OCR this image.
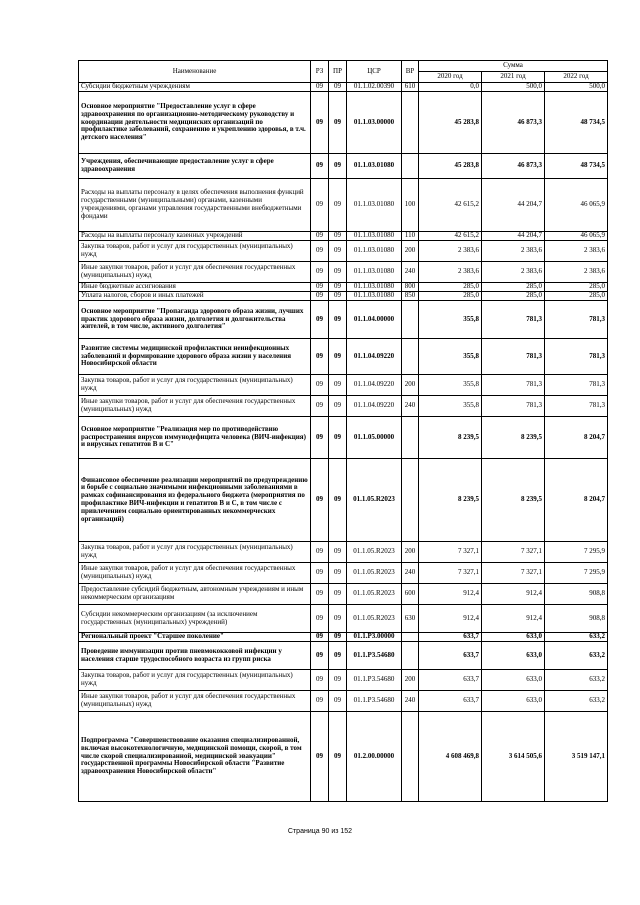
Наименование	РЗ	ПР	ЦСР	ВР	Сумма		
					2020 год	2021 год	2022 год
Субсидии бюджетным учреждениям	09	09	01.1.02.00390	610	0,0	500,0	500,0
Основное мероприятие "Предоставление услуг в сфере здравоохранения по организационно-методическому руководству и координации деятельности медицинских организаций по профилактике заболеваний, сохранению и укреплению здоровья, в т.ч. детского населения"	09	09	01.1.03.00000		45 283,8	46 873,3	48 734,5
Учреждения, обеспечивающие предоставление услуг в сфере здравоохранения	09	09	01.1.03.01080		45 283,8	46 873,3	48 734,5
Расходы на выплаты персоналу в целях обеспечения выполнения функций государственными (муниципальными) органами, казенными учреждениями, органами управления государственными внебюджетными фондами	09	09	01.1.03.01080	100	42 615,2	44 204,7	46 065,9
Расходы на выплаты персоналу казенных учреждений	09	09	01.1.03.01080	110	42 615,2	44 204,7	46 065,9
Закупка товаров, работ и услуг для государственных (муниципальных) нужд	09	09	01.1.03.01080	200	2 383,6	2 383,6	2 383,6
Иные закупки товаров, работ и услуг для обеспечения государственных (муниципальных) нужд	09	09	01.1.03.01080	240	2 383,6	2 383,6	2 383,6
Иные бюджетные ассигнования	09	09	01.1.03.01080	800	285,0	285,0	285,0
Уплата налогов, сборов и иных платежей	09	09	01.1.03.01080	850	285,0	285,0	285,0
Основное мероприятие "Пропаганда здорового образа жизни, лучших практик здорового образа жизни, долголетия и долгожительства жителей, в том числе, активного долголетия"	09	09	01.1.04.00000		355,8	781,3	781,3
Развитие системы медицинской профилактики неинфекционных заболеваний и формирование здорового образа жизни у населения Новосибирской области	09	09	01.1.04.09220		355,8	781,3	781,3
Закупка товаров, работ и услуг для государственных (муниципальных) нужд	09	09	01.1.04.09220	200	355,8	781,3	781,3
Иные закупки товаров, работ и услуг для обеспечения государственных (муниципальных) нужд	09	09	01.1.04.09220	240	355,8	781,3	781,3
Основное мероприятие "Реализация мер по противодействию распространения вирусов иммунодефицита человека (ВИЧ-инфекция) и вирусных гепатитов В и С"	09	09	01.1.05.00000		8 239,5	8 239,5	8 204,7
Финансовое обеспечение реализации мероприятий по предупреждению и борьбе с социально значимыми инфекционными заболеваниями в рамках софинансирования из федерального бюджета (мероприятия по профилактике ВИЧ-инфекции и гепатитов В и С, в том числе с привлечением социально ориентированных некоммерческих организаций)	09	09	01.1.05.R2023		8 239,5	8 239,5	8 204,7
Закупка товаров, работ и услуг для государственных (муниципальных) нужд	09	09	01.1.05.R2023	200	7 327,1	7 327,1	7 295,9
Иные закупки товаров, работ и услуг для обеспечения государственных (муниципальных) нужд	09	09	01.1.05.R2023	240	7 327,1	7 327,1	7 295,9
Предоставление субсидий бюджетным, автономным учреждениям и иным некоммерческим организациям	09	09	01.1.05.R2023	600	912,4	912,4	908,8
Субсидии некоммерческим организациям (за исключением государственных (муниципальных) учреждений)	09	09	01.1.05.R2023	630	912,4	912,4	908,8
Региональный проект "Старшее поколение"	09	09	01.1.P3.00000		633,7	633,0	633,2
Проведение иммунизации против пневмококковой инфекции у населения старше трудоспособного возраста из групп риска	09	09	01.1.P3.54680		633,7	633,0	633,2
Закупка товаров, работ и услуг для государственных (муниципальных) нужд	09	09	01.1.P3.54680	200	633,7	633,0	633,2
Иные закупки товаров, работ и услуг для обеспечения государственных (муниципальных) нужд	09	09	01.1.P3.54680	240	633,7	633,0	633,2
Подпрограмма "Совершенствование оказания специализированной, включая высокотехнологичную, медицинской помощи, скорой, в том числе скорой специализированной, медицинской эвакуации" государственной программы Новосибирской области "Развитие здравоохранения Новосибирской области"	09	09	01.2.00.00000		4 608 469,8	3 614 505,6	3 519 147,1
Страница 90 из 152
